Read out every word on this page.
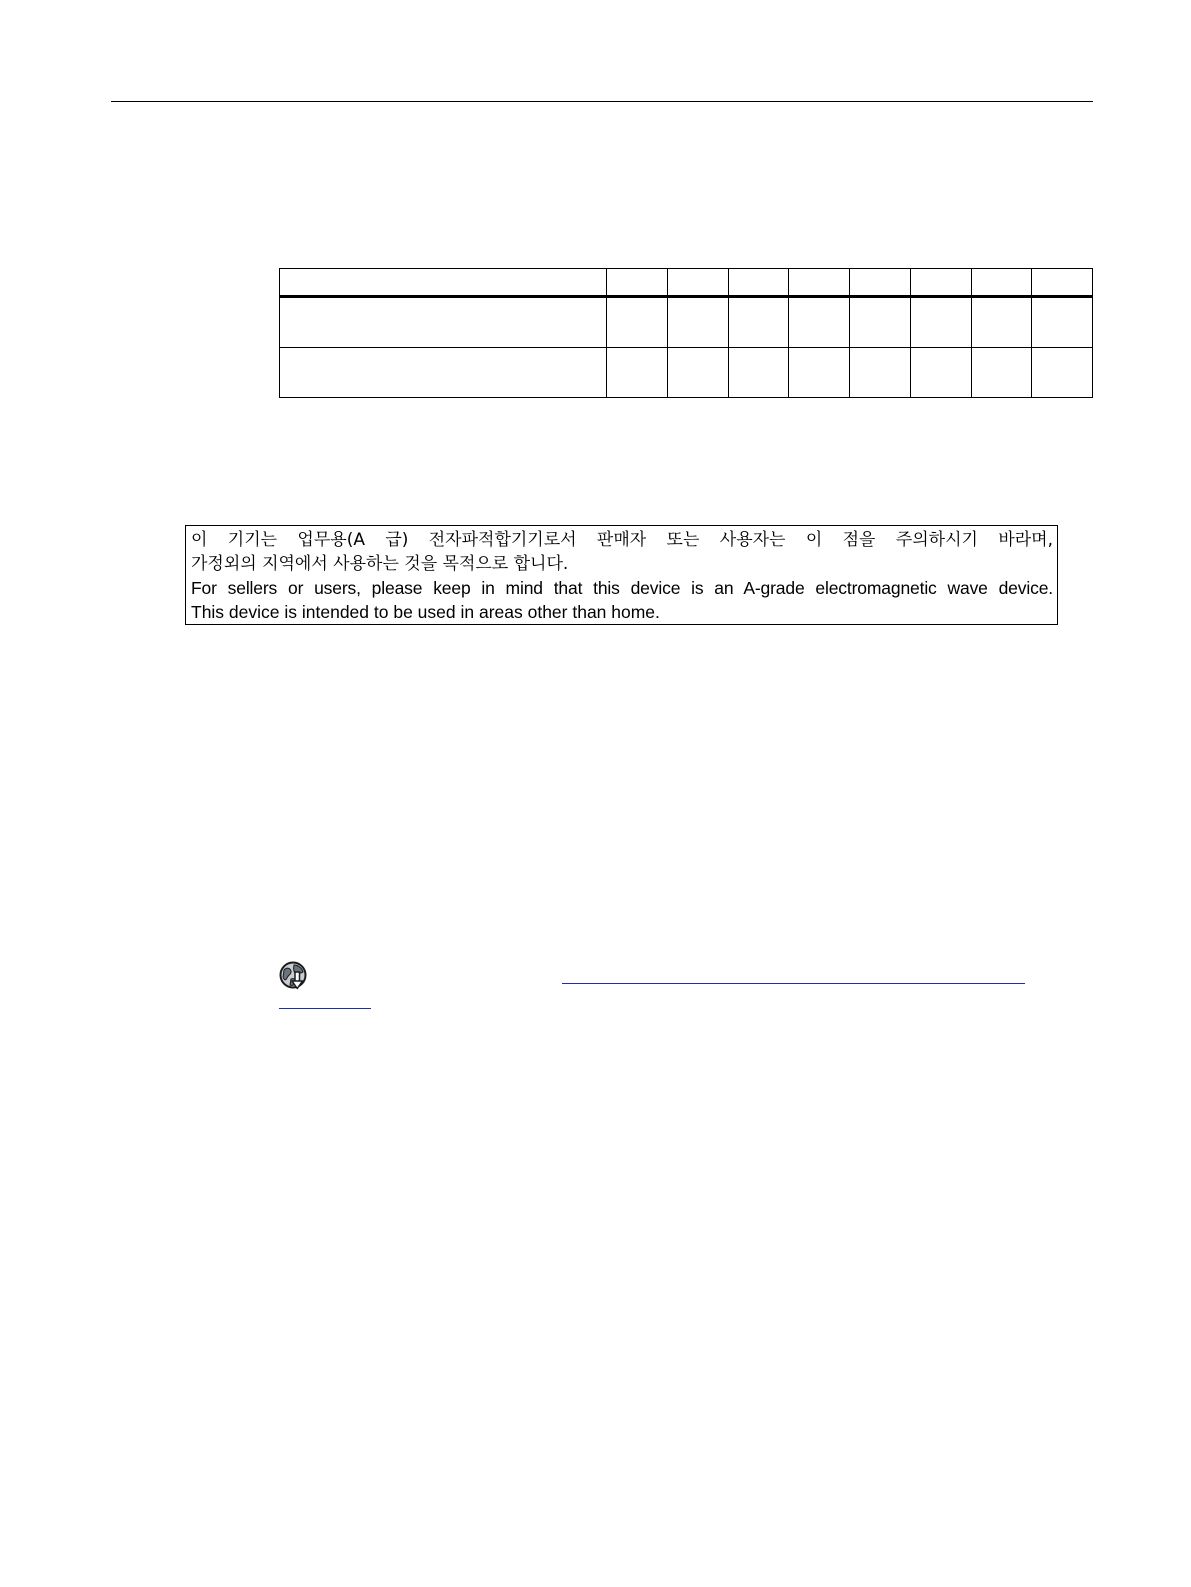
이 기기는 업무용(A 급) 전자파적합기기로서 판매자 또는 사용자는 이 점을 주의하시기 바라며,
가정외의 지역에서 사용하는 것을 목적으로 합니다.
For sellers or users, please keep in mind that this device is an A-grade electromagnetic wave device.
This device is intended to be used in areas other than home.
